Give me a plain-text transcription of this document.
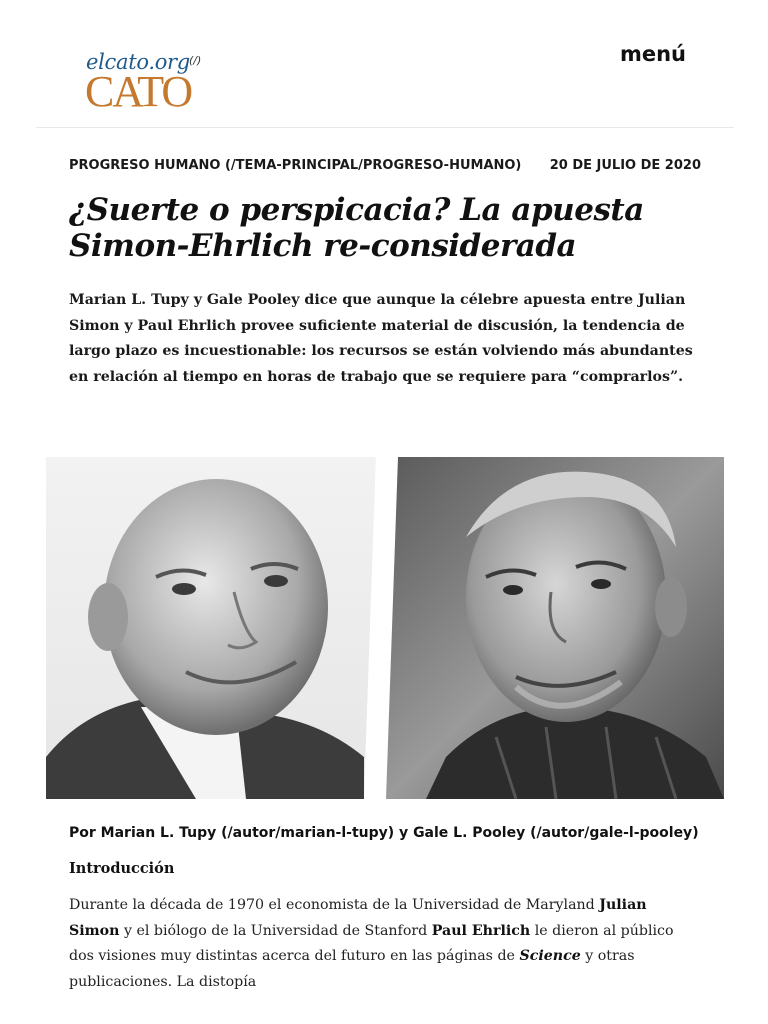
elcato.org
CATO
(/)	menú
PROGRESO HUMANO (/TEMA-PRINCIPAL/PROGRESO-HUMANO) 20 DE JULIO DE 2020
¿Suerte o perspicacia? La apuesta Simon-Ehrlich re-considerada

Marian L. Tupy y Gale Pooley dice que aunque la célebre apuesta entre Julian Simon y Paul Ehrlich provee suficiente material de discusión, la tendencia de largo plazo es incuestionable: los recursos se están volviendo más abundantes en relación al tiempo en horas de trabajo que se requiere para “comprarlos”.

Por Marian L. Tupy (/autor/marian-l-tupy) y Gale L. Pooley (/autor/gale-l-pooley)

Introducción

Durante la década de 1970 el economista de la Universidad de Maryland Julian Simon y el biólogo de la Universidad de Stanford Paul Ehrlich le dieron al público dos visiones muy distintas acerca del futuro en las páginas de Science y otras publicaciones. La distopía
